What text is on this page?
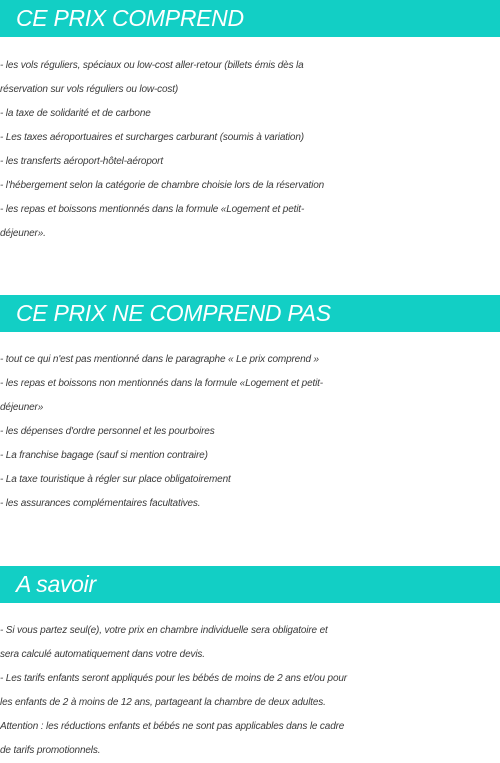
CE PRIX COMPREND
- les vols réguliers, spéciaux ou low-cost aller-retour (billets émis dès la
réservation sur vols réguliers ou low-cost)
- la taxe de solidarité et de carbone
- Les taxes aéroportuaires et surcharges carburant (soumis à variation)
- les transferts aéroport-hôtel-aéroport
- l'hébergement selon la catégorie de chambre choisie lors de la réservation
- les repas et boissons mentionnés dans la formule «Logement et petit-
déjeuner».
CE PRIX NE COMPREND PAS
- tout ce qui n'est pas mentionné dans le paragraphe « Le prix comprend »
- les repas et boissons non mentionnés dans la formule «Logement et petit-
déjeuner»
- les dépenses d'ordre personnel et les pourboires
- La franchise bagage (sauf si mention contraire)
- La taxe touristique à régler sur place obligatoirement
- les assurances complémentaires facultatives.
A savoir
- Si vous partez seul(e), votre prix en chambre individuelle sera obligatoire et
sera calculé automatiquement dans votre devis.
- Les tarifs enfants seront appliqués pour les bébés de moins de 2 ans et/ou pour
les enfants de 2 à moins de 12 ans, partageant la chambre de deux adultes.
Attention : les réductions enfants et bébés ne sont pas applicables dans le cadre
de tarifs promotionnels.
